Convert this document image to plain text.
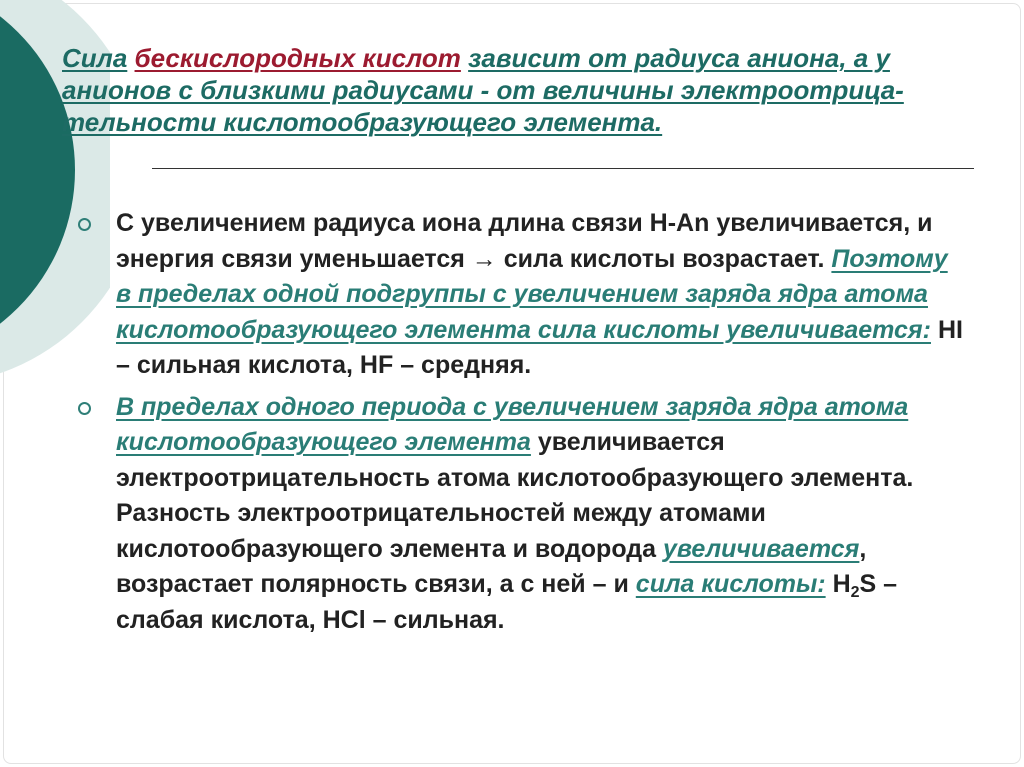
Сила бескислородных кислот зависит от радиуса аниона, а у анионов с близкими радиусами - от величины электроотрица-тельности кислотообразующего элемента.
С увеличением радиуса иона длина связи H-An увеличивается, и энергия связи уменьшается → сила кислоты возрастает. Поэтому в пределах одной подгруппы с увеличением заряда ядра атома кислотообразующего элемента сила кислоты увеличивается: HI – сильная кислота, HF – средняя.
В пределах одного периода с увеличением заряда ядра атома кислотообразующего элемента увеличивается электроотрицательность атома кислотообразующего элемента. Разность электроотрицательностей между атомами кислотообразующего элемента и водорода увеличивается, возрастает полярность связи, а с ней – и сила кислоты: $H_2S$ – слабая кислота, HCl – сильная.
